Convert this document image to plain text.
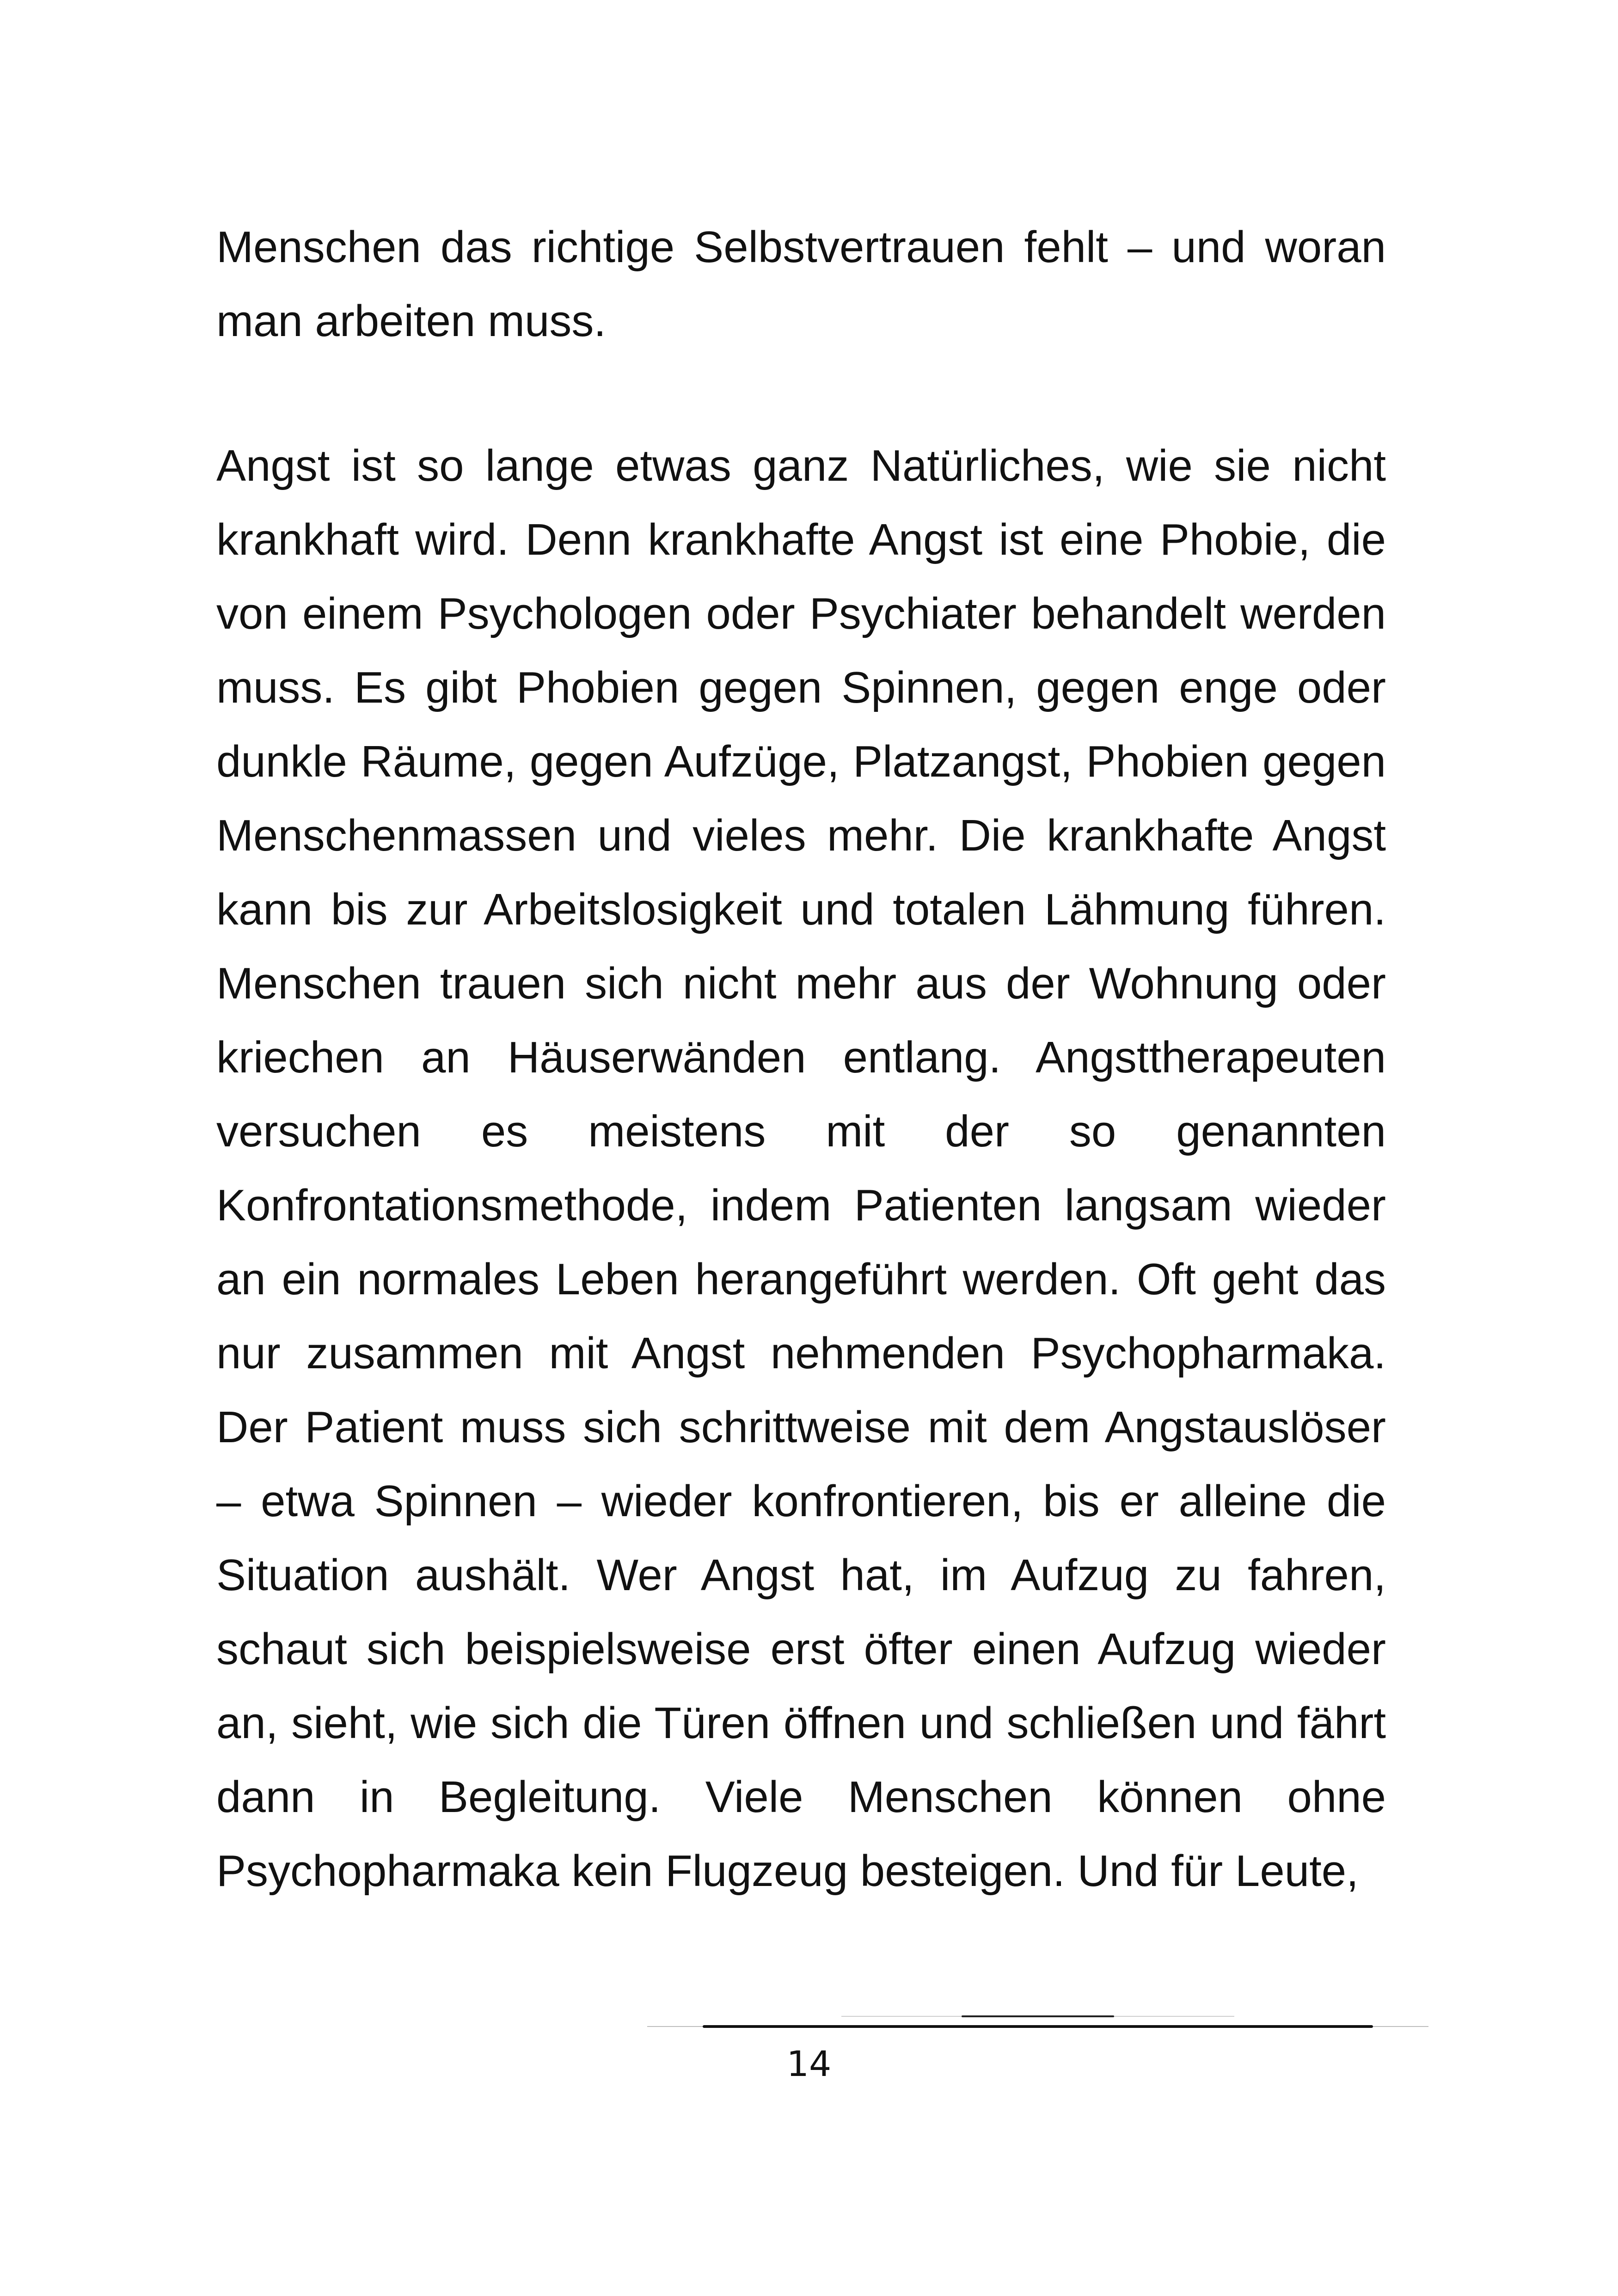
Menschen das richtige Selbstvertrauen fehlt – und woran man arbeiten muss.

Angst ist so lange etwas ganz Natürliches, wie sie nicht krankhaft wird. Denn krankhafte Angst ist eine Phobie, die von einem Psychologen oder Psychiater behandelt werden muss. Es gibt Phobien gegen Spinnen, gegen enge oder dunkle Räume, gegen Aufzüge, Platzangst, Phobien gegen Menschenmassen und vieles mehr. Die krankhafte Angst kann bis zur Arbeitslosigkeit und totalen Lähmung führen. Menschen trauen sich nicht mehr aus der Wohnung oder kriechen an Häuserwänden entlang. Angsttherapeuten versuchen es meistens mit der so genannten Konfrontationsmethode, indem Patienten langsam wieder an ein normales Leben herangeführt werden. Oft geht das nur zusammen mit Angst nehmenden Psychopharmaka. Der Patient muss sich schrittweise mit dem Angstauslöser – etwa Spinnen – wieder konfrontieren, bis er alleine die Situation aushält. Wer Angst hat, im Aufzug zu fahren, schaut sich beispielsweise erst öfter einen Aufzug wieder an, sieht, wie sich die Türen öffnen und schließen und fährt dann in Begleitung. Viele Menschen können ohne Psychopharmaka kein Flugzeug besteigen. Und für Leute,

14
